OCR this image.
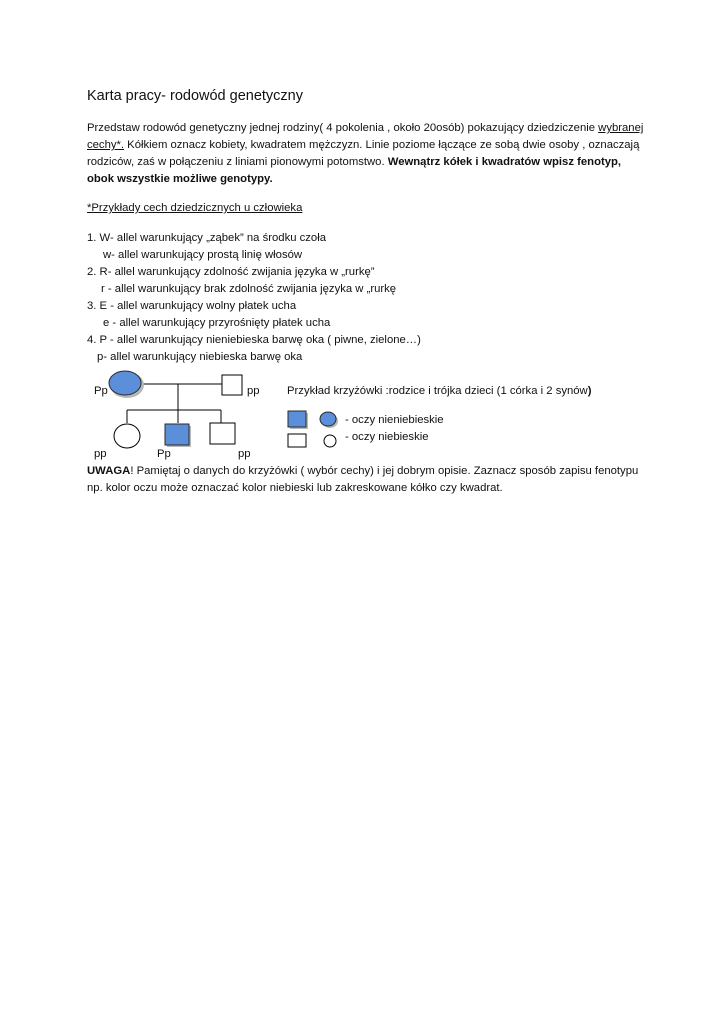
Karta pracy- rodowód genetyczny
Przedstaw rodowód genetyczny jednej rodziny( 4 pokolenia , około 20osób) pokazujący dziedziczenie wybranej
cechy*. Kółkiem oznacz kobiety, kwadratem mężczyzn. Linie poziome łączące ze sobą dwie osoby , oznaczają
rodziców, zaś w połączeniu z liniami pionowymi potomstwo. Wewnątrz kółek i kwadratów wpisz fenotyp,
obok wszystkie możliwe genotypy.
*Przykłady cech dziedzicznych u człowieka
1. W- allel warunkujący „ząbek” na środku czoła
w- allel warunkujący prostą linię włosów
2. R- allel warunkujący zdolność zwijania języka w „rurkę”
r - allel warunkujący brak zdolność zwijania języka w „rurkę
3. E - allel warunkujący wolny płatek ucha
e - allel warunkujący przyrośnięty płatek ucha
4. P - allel warunkujący nieniebieska barwę oka ( piwne, zielone…)
p- allel warunkujący niebieska barwę oka
Pp	pp Przykład krzyżówki :rodzice i trójka dzieci (1 córka i 2 synów)
- oczy nieniebieskie
- oczy niebieskie
pp	Pp	pp
UWAGA! Pamiętaj o danych do krzyżówki ( wybór cechy) i jej dobrym opisie. Zaznacz sposób zapisu fenotypu
np. kolor oczu może oznaczać kolor niebieski lub zakreskowane kółko czy kwadrat.
